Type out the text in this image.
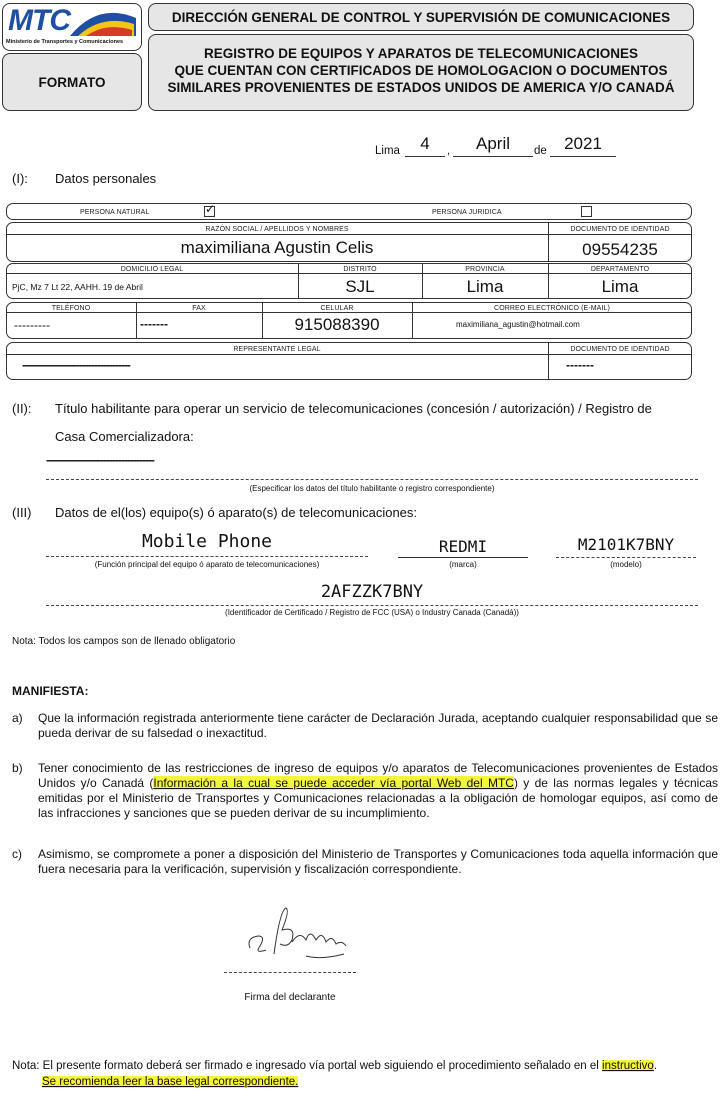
MTC
Ministerio de Transportes y Comunicaciones
FORMATO
DIRECCIÓN GENERAL DE CONTROL Y SUPERVISIÓN DE COMUNICACIONES
REGISTRO DE EQUIPOS Y APARATOS DE TELECOMUNICACIONES
QUE CUENTAN CON CERTIFICADOS DE HOMOLOGACION O DOCUMENTOS
SIMILARES PROVENIENTES DE ESTADOS UNIDOS DE AMERICA Y/O CANADÁ
Lima	4	,	April	de	2021
(I): Datos personales
PERSONA NATURAL	✓	PERSONA JURIDICA
RAZÓN SOCIAL / APELLIDOS Y NOMBRES
maximiliana Agustin Celis
DOCUMENTO DE IDENTIDAD
09554235
DOMICILIO LEGAL
PjC, Mz 7 Lt 22, AAHH. 19 de Abril
DISTRITO
SJL
PROVINCIA
Lima
DEPARTAMENTO
Lima
TELÉFONO
---------
FAX
-------
CELULAR
915088390
CORREO ELECTRÓNICO (E-MAIL)
maximiliana_agustin@hotmail.com
REPRESENTANTE LEGAL
------------------------------------
DOCUMENTO DE IDENTIDAD
-------
(II): Título habilitante para operar un servicio de telecomunicaciones (concesión / autorización) / Registro de
Casa Comercializadora:
------------------------------------
(Especificar los datos del título habilitante o registro correspondiente)
(III) Datos de el(los) equipo(s) ó aparato(s) de telecomunicaciones:
Mobile Phone
(Función principal del equipo ó aparato de telecomunicaciones)
REDMI
(marca)
M2101K7BNY
(modelo)
2AFZZK7BNY
(Identificador de Certificado / Registro de FCC (USA) o Industry Canada (Canadá))
Nota: Todos los campos son de llenado obligatorio
MANIFIESTA:
a) Que la información registrada anteriormente tiene carácter de Declaración Jurada, aceptando cualquier responsabilidad que se pueda derivar de su falsedad o inexactitud.
b) Tener conocimiento de las restricciones de ingreso de equipos y/o aparatos de Telecomunicaciones provenientes de Estados Unidos y/o Canadá (Información a la cual se puede acceder vía portal Web del MTC) y de las normas legales y técnicas emitidas por el Ministerio de Transportes y Comunicaciones relacionadas a la obligación de homologar equipos, así como de las infracciones y sanciones que se pueden derivar de su incumplimiento.
c) Asimismo, se compromete a poner a disposición del Ministerio de Transportes y Comunicaciones toda aquella información que fuera necesaria para la verificación, supervisión y fiscalización correspondiente.
Firma del declarante
Nota: El presente formato deberá ser firmado e ingresado vía portal web siguiendo el procedimiento señalado en el instructivo.
Se recomienda leer la base legal correspondiente.
